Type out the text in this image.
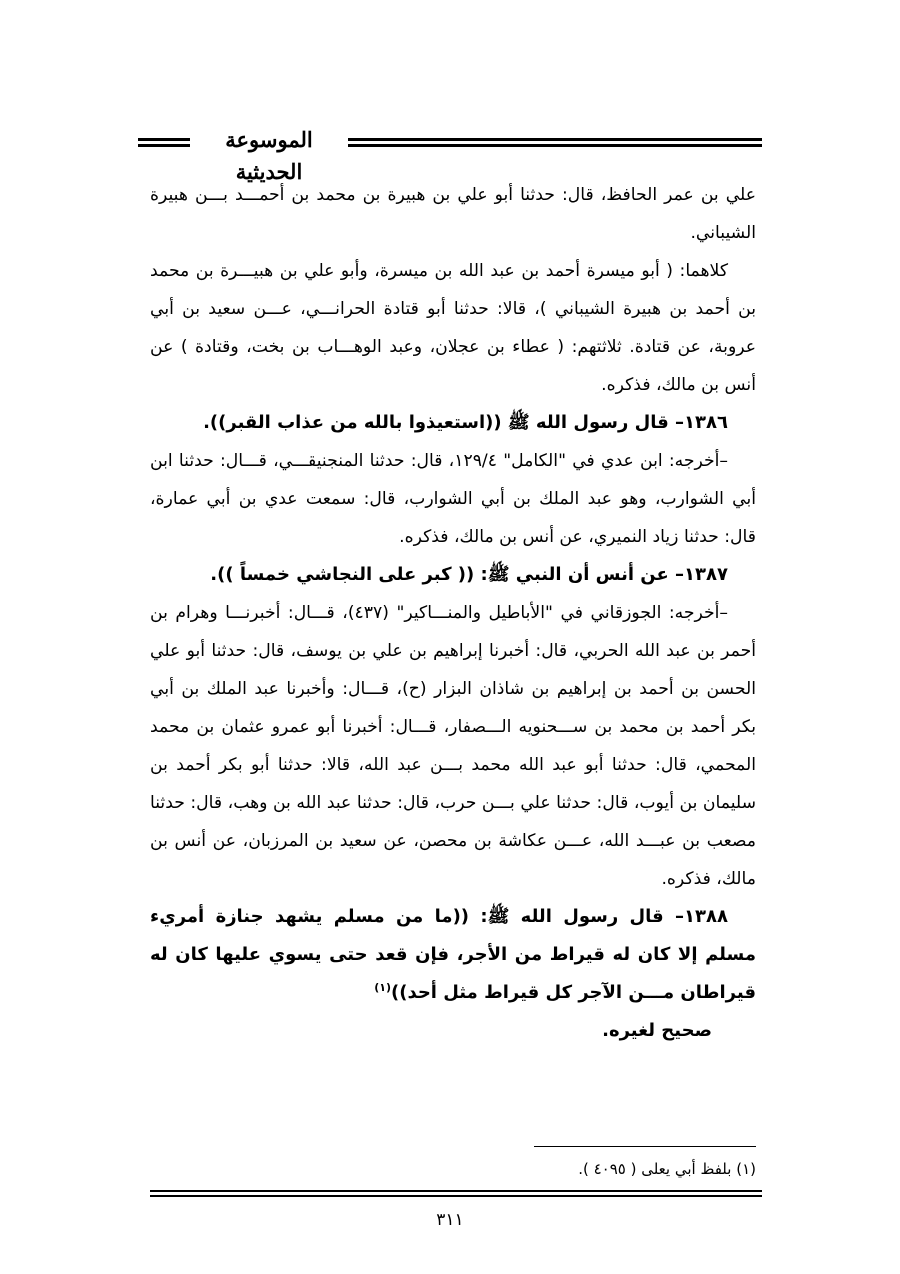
الموسوعة الحديثية

علي بن عمر الحافظ، قال: حدثنا أبو علي بن هبيرة بن محمد بن أحمـــد بـــن هبيرة الشيباني.

كلاهما: ( أبو ميسرة أحمد بن عبد الله بن ميسرة، وأبو علي بن هبيـــرة بن محمد بن أحمد بن هبيرة الشيباني )، قالا: حدثنا أبو قتادة الحرانـــي، عـــن سعيد بن أبي عروبة، عن قتادة. ثلاثتهم: ( عطاء بن عجلان، وعبد الوهـــاب بن بخت، وقتادة ) عن أنس بن مالك، فذكره.

١٣٨٦– قال رسول الله ﷺ ((استعيذوا بالله من عذاب القبر)).

–أخرجه: ابن عدي في "الكامل" ١٢٩/٤، قال: حدثنا المنجنيقـــي، قـــال: حدثنا ابن أبي الشوارب، وهو عبد الملك بن أبي الشوارب، قال: سمعت عدي بن أبي عمارة، قال: حدثنا زياد النميري، عن أنس بن مالك، فذكره.

١٣٨٧– عن أنس أن النبي ﷺ: (( كبر على النجاشي خمساً )).

–أخرجه: الجوزقاني في "الأباطيل والمنـــاكير" (٤٣٧)، قـــال: أخبرنـــا وهرام بن أحمر بن عبد الله الحربي، قال: أخبرنا إبراهيم بن علي بن يوسف، قال: حدثنا أبو علي الحسن بن أحمد بن إبراهيم بن شاذان البزار (ح)، قـــال: وأخبرنا عبد الملك بن أبي بكر أحمد بن محمد بن ســـحنويه الـــصفار، قـــال: أخبرنا أبو عمرو عثمان بن محمد المحمي، قال: حدثنا أبو عبد الله محمد بـــن عبد الله، قالا: حدثنا أبو بكر أحمد بن سليمان بن أيوب، قال: حدثنا علي بـــن حرب، قال: حدثنا عبد الله بن وهب، قال: حدثنا مصعب بن عبـــد الله، عـــن عكاشة بن محصن، عن سعيد بن المرزبان، عن أنس بن مالك، فذكره.

١٣٨٨– قال رسول الله ﷺ: ((ما من مسلم يشهد جنازة أمريء مسلم إلا كان له قيراط من الأجر، فإن قعد حتى يسوي عليها كان له قيراطان مـــن الآجر كل قيراط مثل أحد))$^{(١)}$

صحيح لغيره.

(١) بلفظ أبي يعلى ( ٤٠٩٥ ).
٣١١
